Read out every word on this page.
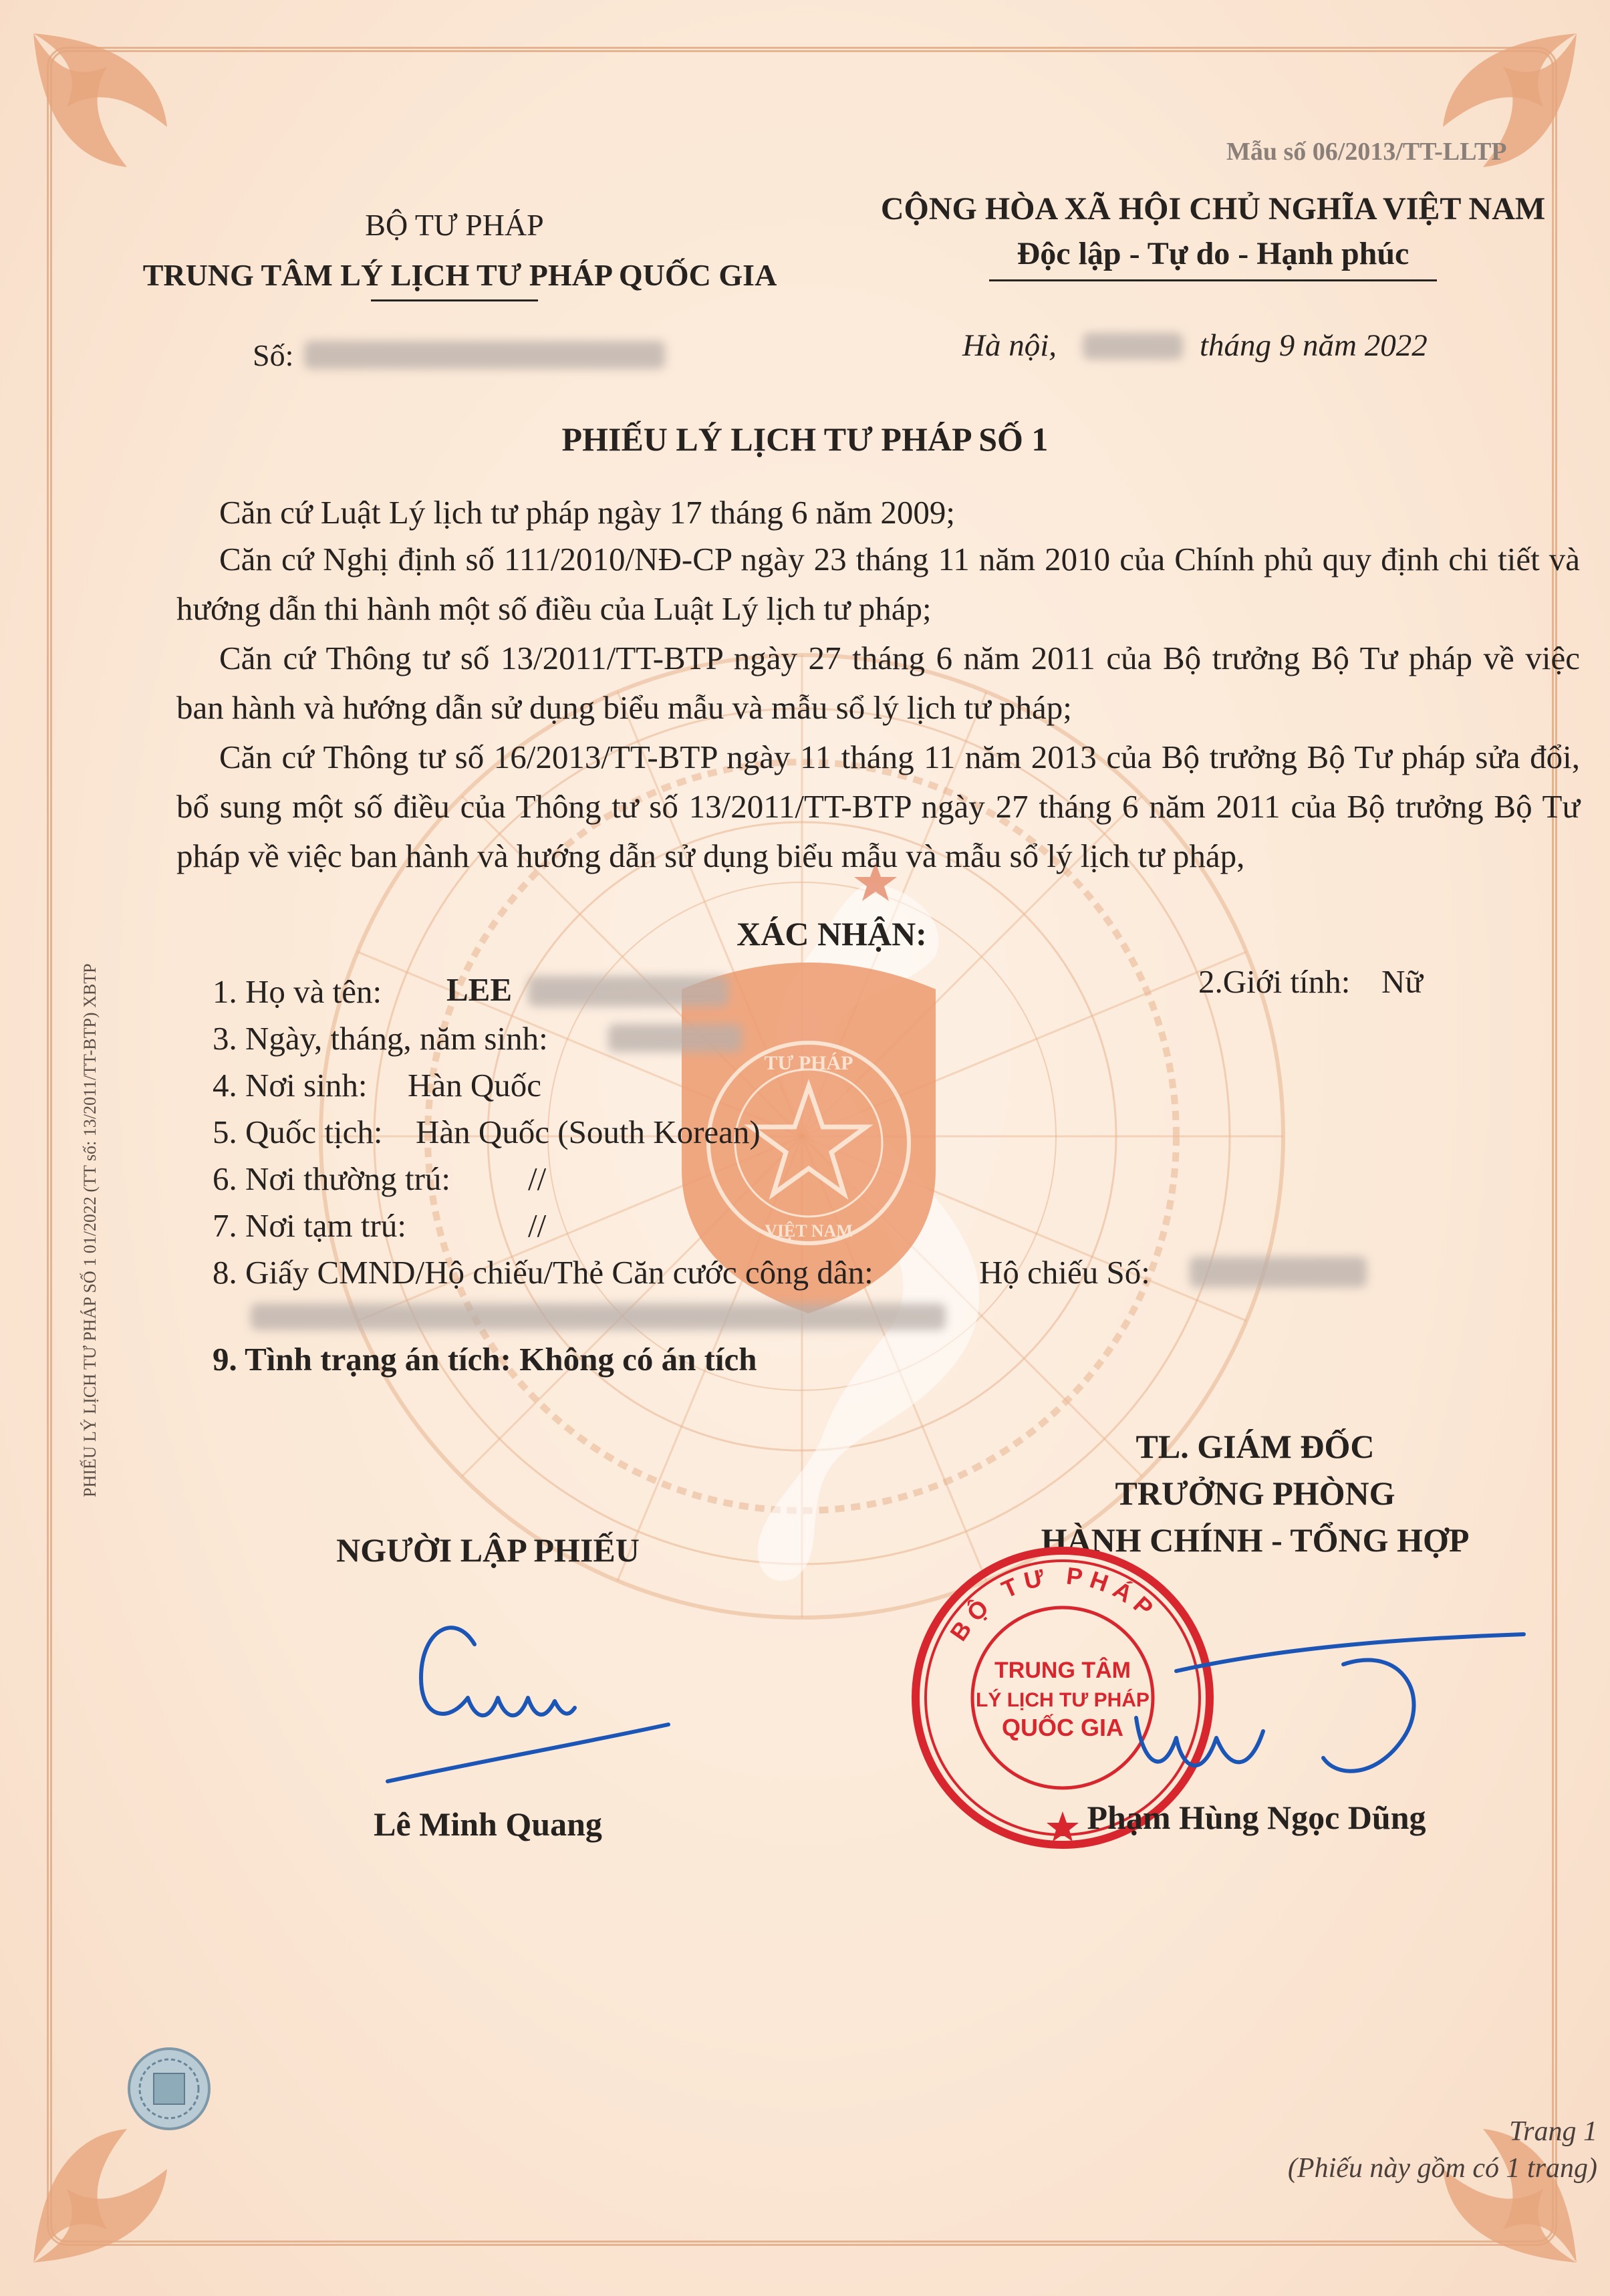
TƯ PHÁP
VIỆT NAM
Mẫu số 06/2013/TT-LLTP
BỘ TƯ PHÁP
TRUNG TÂM LÝ LỊCH TƯ PHÁP QUỐC GIA
Số:
CỘNG HÒA XÃ HỘI CHỦ NGHĨA VIỆT NAM
Độc lập - Tự do - Hạnh phúc
Hà nội,	tháng 9 năm 2022
PHIẾU LÝ LỊCH TƯ PHÁP SỐ 1
Căn cứ Luật Lý lịch tư pháp ngày 17 tháng 6 năm 2009;
Căn cứ Nghị định số 111/2010/NĐ-CP ngày 23 tháng 11 năm 2010 của Chính phủ quy định chi tiết và hướng dẫn thi hành một số điều của Luật Lý lịch tư pháp;
Căn cứ Thông tư số 13/2011/TT-BTP ngày 27 tháng 6 năm 2011 của Bộ trưởng Bộ Tư pháp về việc ban hành và hướng dẫn sử dụng biểu mẫu và mẫu sổ lý lịch tư pháp;
Căn cứ Thông tư số 16/2013/TT-BTP ngày 11 tháng 11 năm 2013 của Bộ trưởng Bộ Tư pháp sửa đổi, bổ sung một số điều của Thông tư số 13/2011/TT-BTP ngày 27 tháng 6 năm 2011 của Bộ trưởng Bộ Tư pháp về việc ban hành và hướng dẫn sử dụng biểu mẫu và mẫu sổ lý lịch tư pháp,
XÁC NHẬN:
1. Họ và tên: LEE	2.Giới tính: Nữ
3. Ngày, tháng, năm sinh:
4. Nơi sinh: Hàn Quốc
5. Quốc tịch: Hàn Quốc (South Korean)
6. Nơi thường trú: //
7. Nơi tạm trú:	//
8. Giấy CMND/Hộ chiếu/Thẻ Căn cước công dân:	Hộ chiếu Số:
9. Tình trạng án tích: Không có án tích
TL. GIÁM ĐỐC
TRƯỞNG PHÒNG
HÀNH CHÍNH - TỔNG HỢP
NGƯỜI LẬP PHIẾU
Lê Minh Quang
BỘ TƯ PHÁP
TRUNG TÂM
LÝ LỊCH TƯ PHÁP
QUỐC GIA
Phạm Hùng Ngọc Dũng
Trang 1
(Phiếu này gồm có 1 trang)
PHIẾU LÝ LỊCH TƯ PHÁP SỐ 1 01/2022 (TT số: 13/2011/TT-BTP) XBTP
